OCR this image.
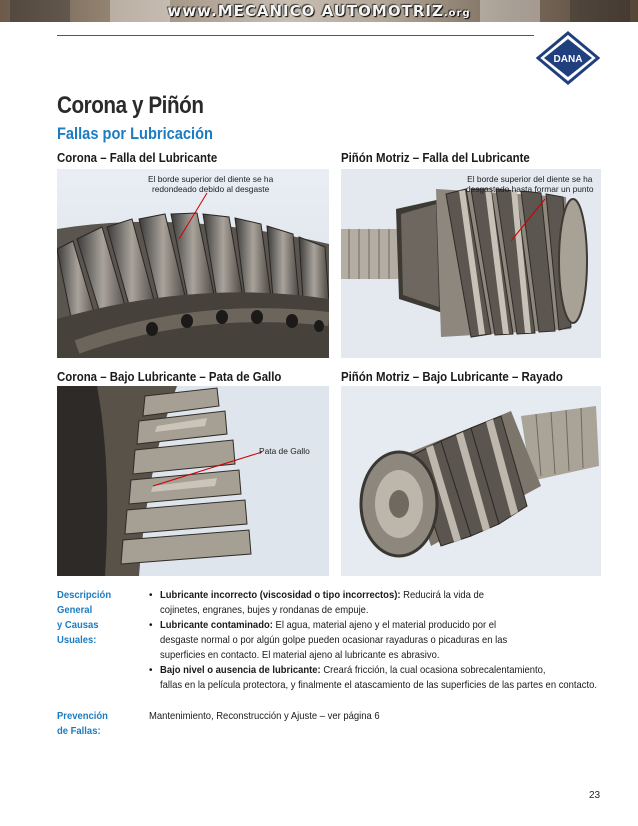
www.MECANICO AUTOMOTRIZ.org
DANA
Corona y Piñón
Fallas por Lubricación
Corona – Falla del Lubricante
El borde superior del diente se ha
redondeado debido al desgaste
Piñón Motriz – Falla del Lubricante
El borde superior del diente se ha
desgastado hasta formar un punto
Corona – Bajo Lubricante – Pata de Gallo
Pata de Gallo
Piñón Motriz – Bajo Lubricante – Rayado
Descripción
General
y Causas
Usuales:
• Lubricante incorrecto (viscosidad o tipo incorrectos): Reducirá la vida de
cojinetes, engranes, bujes y rondanas de empuje.
• Lubricante contaminado: El agua, material ajeno y el material producido por el
desgaste normal o por algún golpe pueden ocasionar rayaduras o picaduras en las
superficies en contacto. El material ajeno al lubricante es abrasivo.
• Bajo nivel o ausencia de lubricante: Creará fricción, la cual ocasiona sobrecalentamiento,
fallas en la película protectora, y finalmente el atascamiento de las superficies de las partes en contacto.
Prevención
de Fallas:
Mantenimiento, Reconstrucción y Ajuste – ver página 6
23
